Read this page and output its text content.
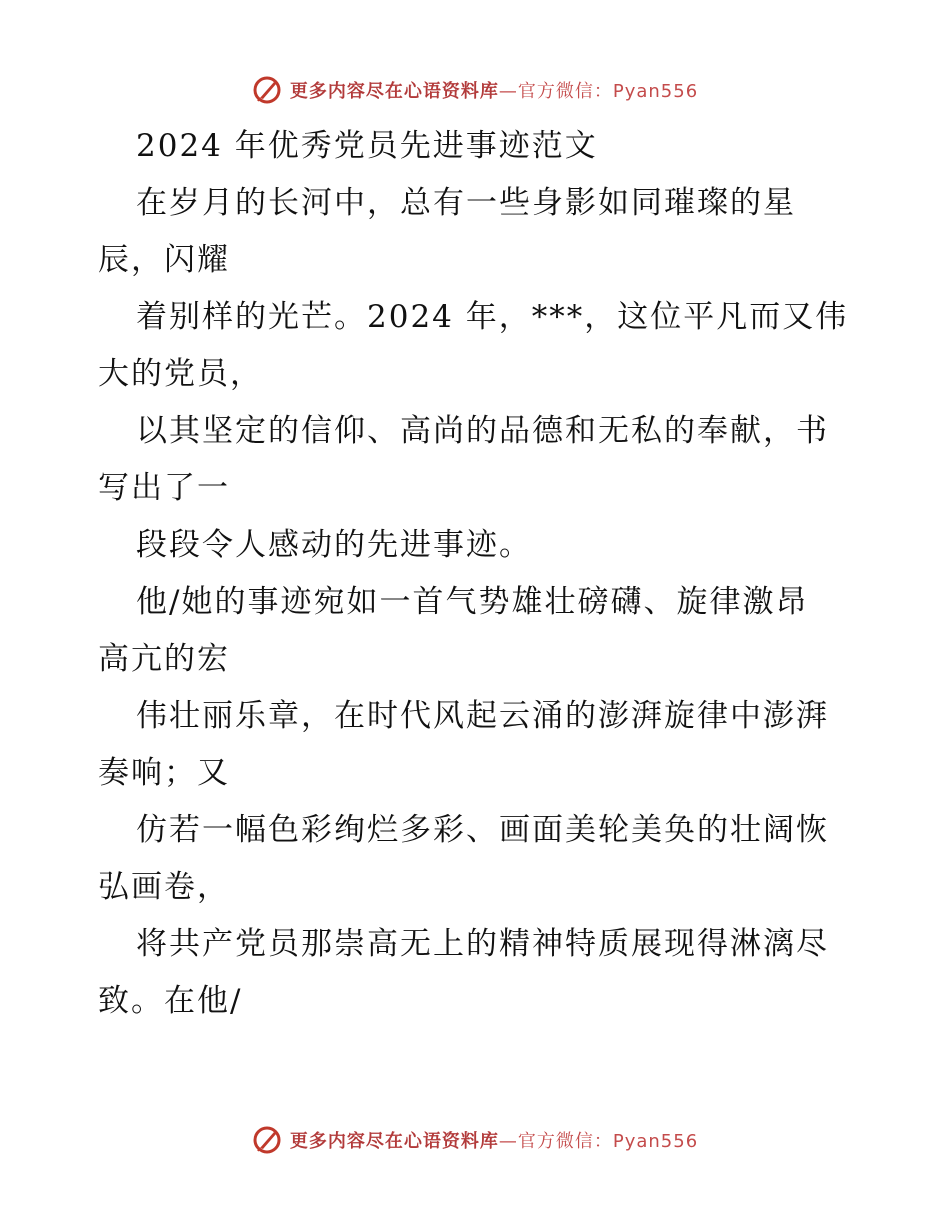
更多内容尽在心语资料库—官方微信：Pyan556
2024 年优秀党员先进事迹范文
在岁月的长河中，总有一些身影如同璀璨的星
辰，闪耀
着别样的光芒。2024 年，***，这位平凡而又伟
大的党员，
以其坚定的信仰、高尚的品德和无私的奉献，书
写出了一
段段令人感动的先进事迹。
他/她的事迹宛如一首气势雄壮磅礴、旋律激昂
高亢的宏
伟壮丽乐章，在时代风起云涌的澎湃旋律中澎湃
奏响；又
仿若一幅色彩绚烂多彩、画面美轮美奂的壮阔恢
弘画卷，
将共产党员那崇高无上的精神特质展现得淋漓尽
致。在他/
更多内容尽在心语资料库—官方微信：Pyan556
